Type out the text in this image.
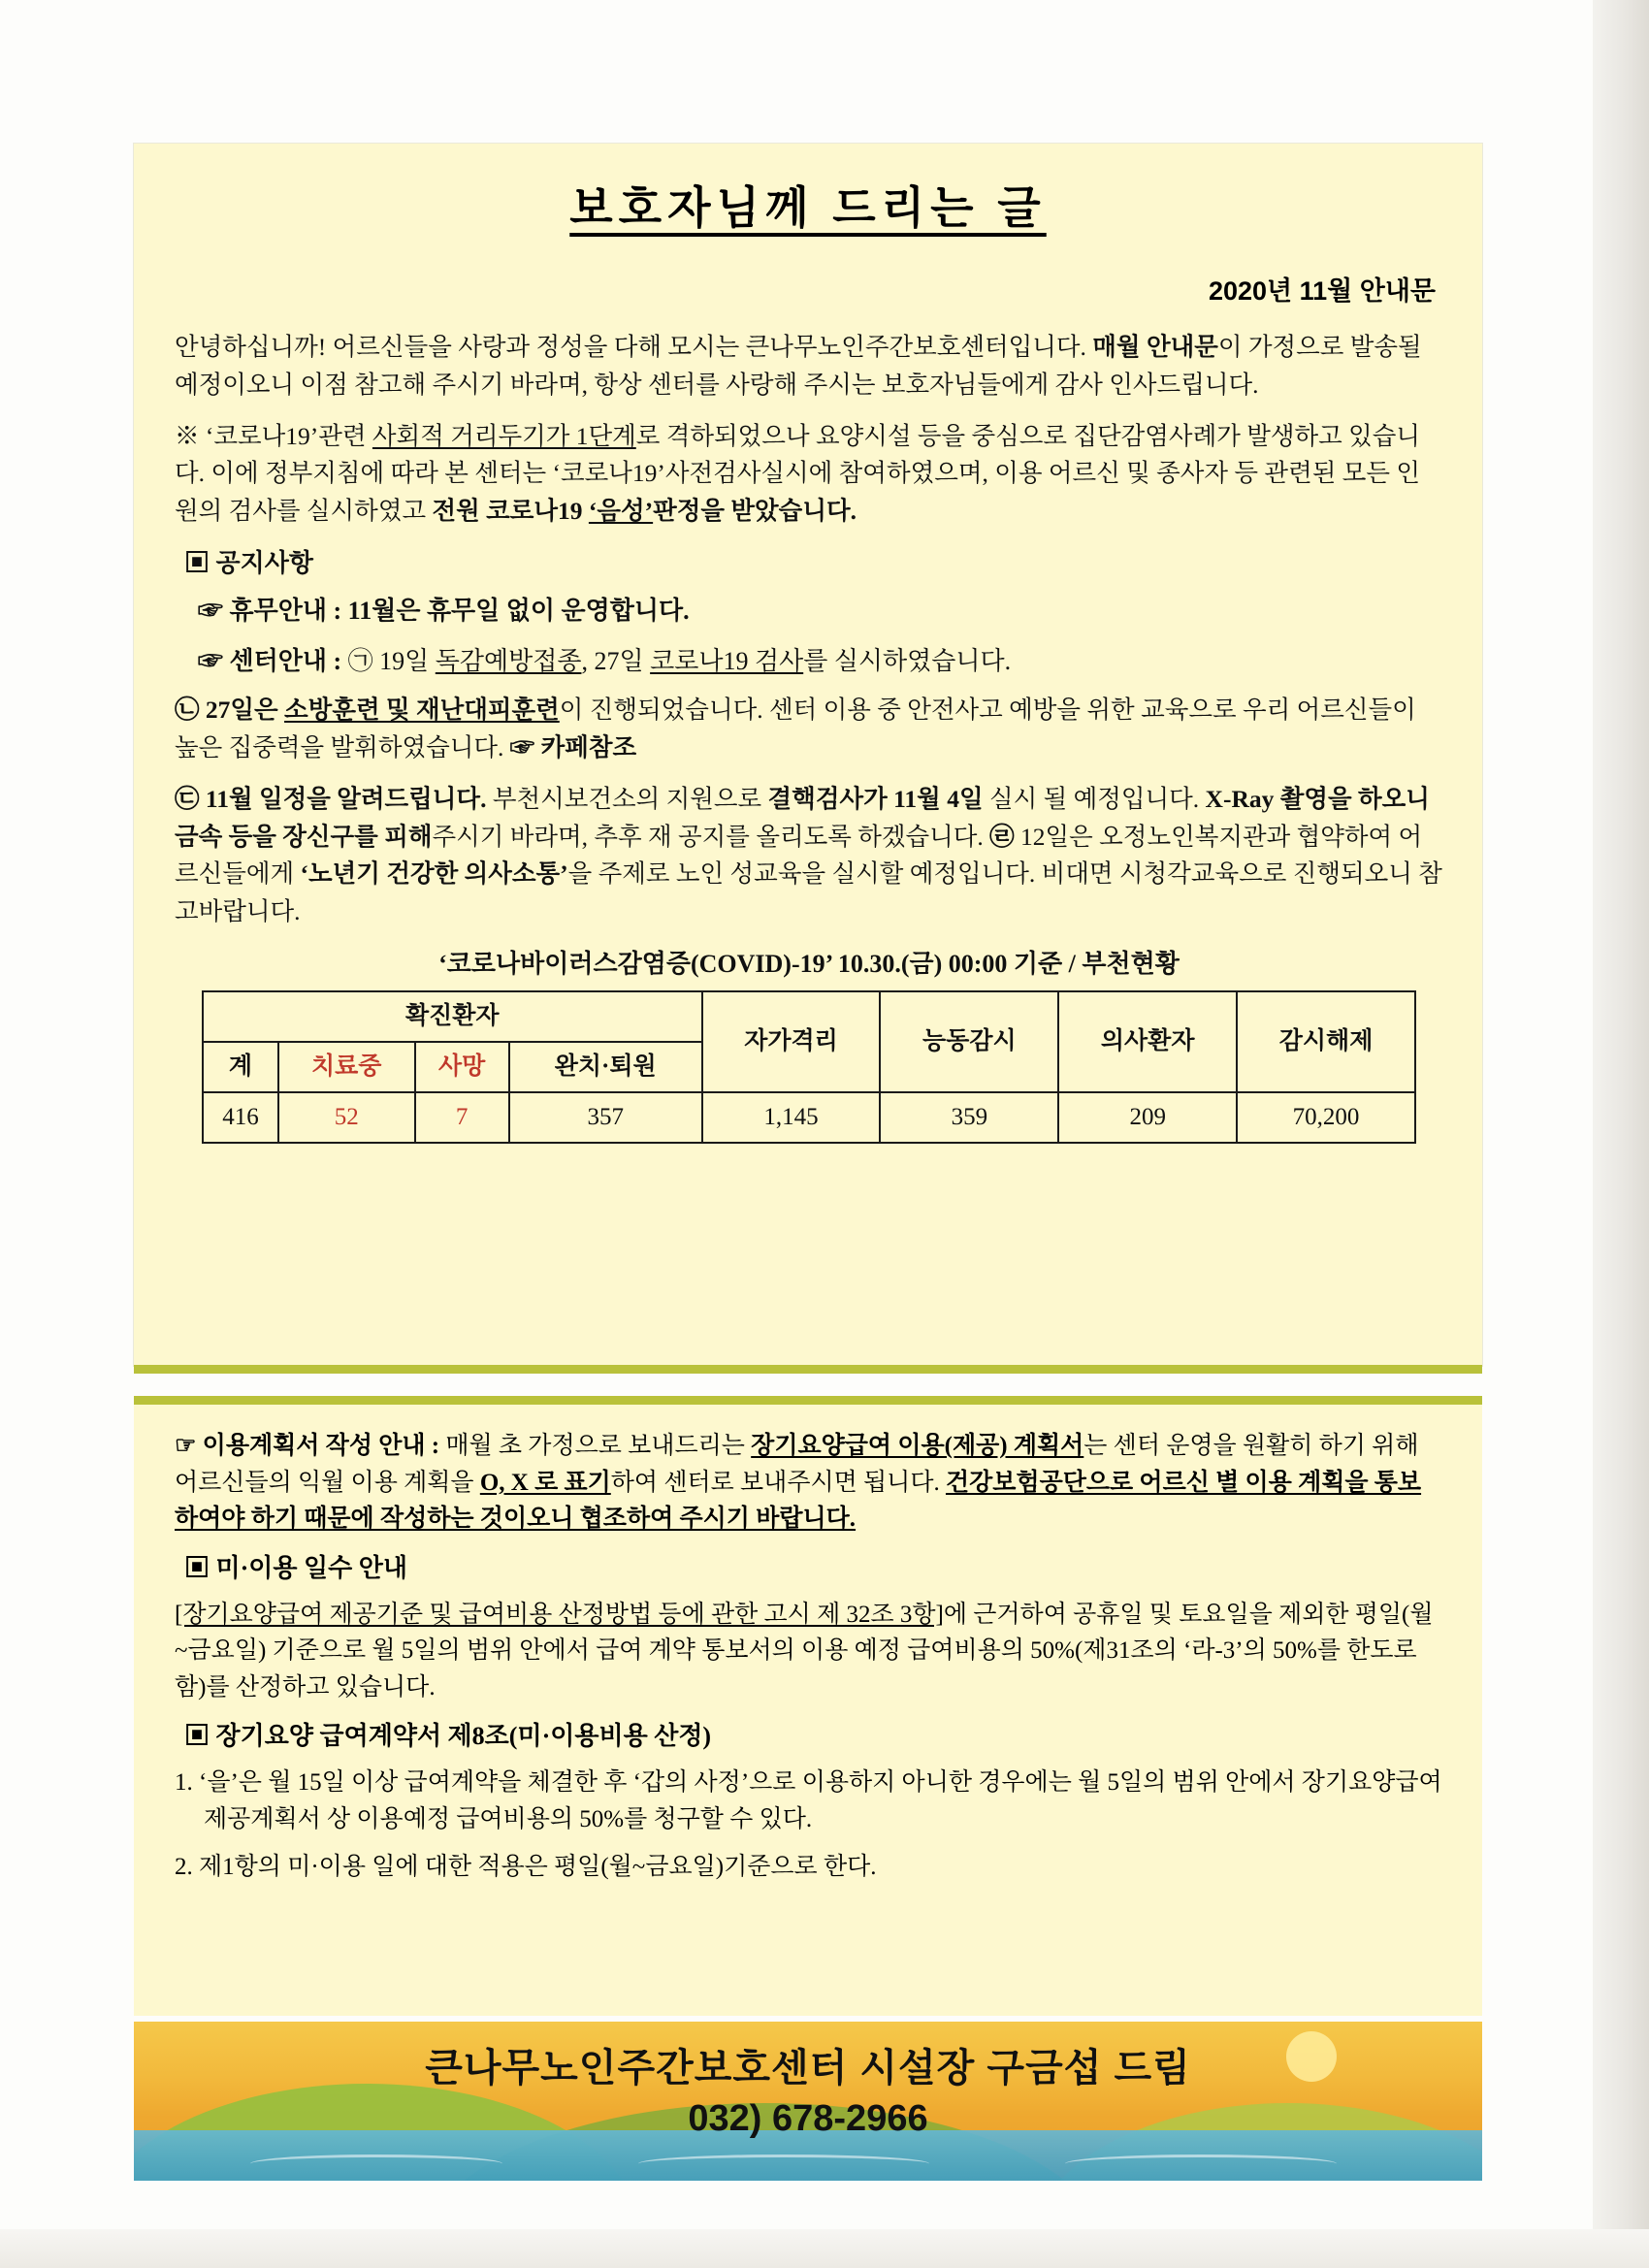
보호자님께 드리는 글
2020년 11월 안내문

안녕하십니까! 어르신들을 사랑과 정성을 다해 모시는 큰나무노인주간보호센터입니다. 매월 안내문이 가정으로 발송될 예정이오니 이점 참고해 주시기 바라며, 항상 센터를 사랑해 주시는 보호자님들에게 감사 인사드립니다.

※ ‘코로나19’관련 사회적 거리두기가 1단계로 격하되었으나 요양시설 등을 중심으로 집단감염사례가 발생하고 있습니다. 이에 정부지침에 따라 본 센터는 ‘코로나19’사전검사실시에 참여하였으며, 이용 어르신 및 종사자 등 관련된 모든 인원의 검사를 실시하였고 전원 코로나19 ‘음성’판정을 받았습니다.

▣ 공지사항
☞ 휴무안내 : 11월은 휴무일 없이 운영합니다.
☞ 센터안내 : ㉠ 19일 독감예방접종, 27일 코로나19 검사를 실시하였습니다.

㉡ 27일은 소방훈련 및 재난대피훈련이 진행되었습니다. 센터 이용 중 안전사고 예방을 위한 교육으로 우리 어르신들이 높은 집중력을 발휘하였습니다. ☞ 카페참조

㉢ 11월 일정을 알려드립니다. 부천시보건소의 지원으로 결핵검사가 11월 4일 실시 될 예정입니다. X-Ray 촬영을 하오니 금속 등을 장신구를 피해주시기 바라며, 추후 재 공지를 올리도록 하겠습니다. ㉣ 12일은 오정노인복지관과 협약하여 어르신들에게 ‘노년기 건강한 의사소통’을 주제로 노인 성교육을 실시할 예정입니다. 비대면 시청각교육으로 진행되오니 참고바랍니다.

‘코로나바이러스감염증(COVID)-19’ 10.30.(금) 00:00 기준 / 부천현황
확진환자				자가격리	능동감시	의사환자	감시해제
계	치료중	사망	완치·퇴원				
416	52	7	357	1,145	359	209	70,200

☞ 이용계획서 작성 안내 : 매월 초 가정으로 보내드리는 장기요양급여 이용(제공) 계획서는 센터 운영을 원활히 하기 위해 어르신들의 익월 이용 계획을 O, X 로 표기하여 센터로 보내주시면 됩니다. 건강보험공단으로 어르신 별 이용 계획을 통보하여야 하기 때문에 작성하는 것이오니 협조하여 주시기 바랍니다.

▣ 미·이용 일수 안내

[장기요양급여 제공기준 및 급여비용 산정방법 등에 관한 고시 제 32조 3항]에 근거하여 공휴일 및 토요일을 제외한 평일(월~금요일) 기준으로 월 5일의 범위 안에서 급여 계약 통보서의 이용 예정 급여비용의 50%(제31조의 ‘라-3’의 50%를 한도로 함)를 산정하고 있습니다.

▣ 장기요양 급여계약서 제8조(미·이용비용 산정)

1. ‘을’은 월 15일 이상 급여계약을 체결한 후 ‘갑의 사정’으로 이용하지 아니한 경우에는 월 5일의 범위 안에서 장기요양급여 제공계획서 상 이용예정 급여비용의 50%를 청구할 수 있다.

2. 제1항의 미·이용 일에 대한 적용은 평일(월~금요일)기준으로 한다.

큰나무노인주간보호센터 시설장 구금섭 드림
032) 678-2966
